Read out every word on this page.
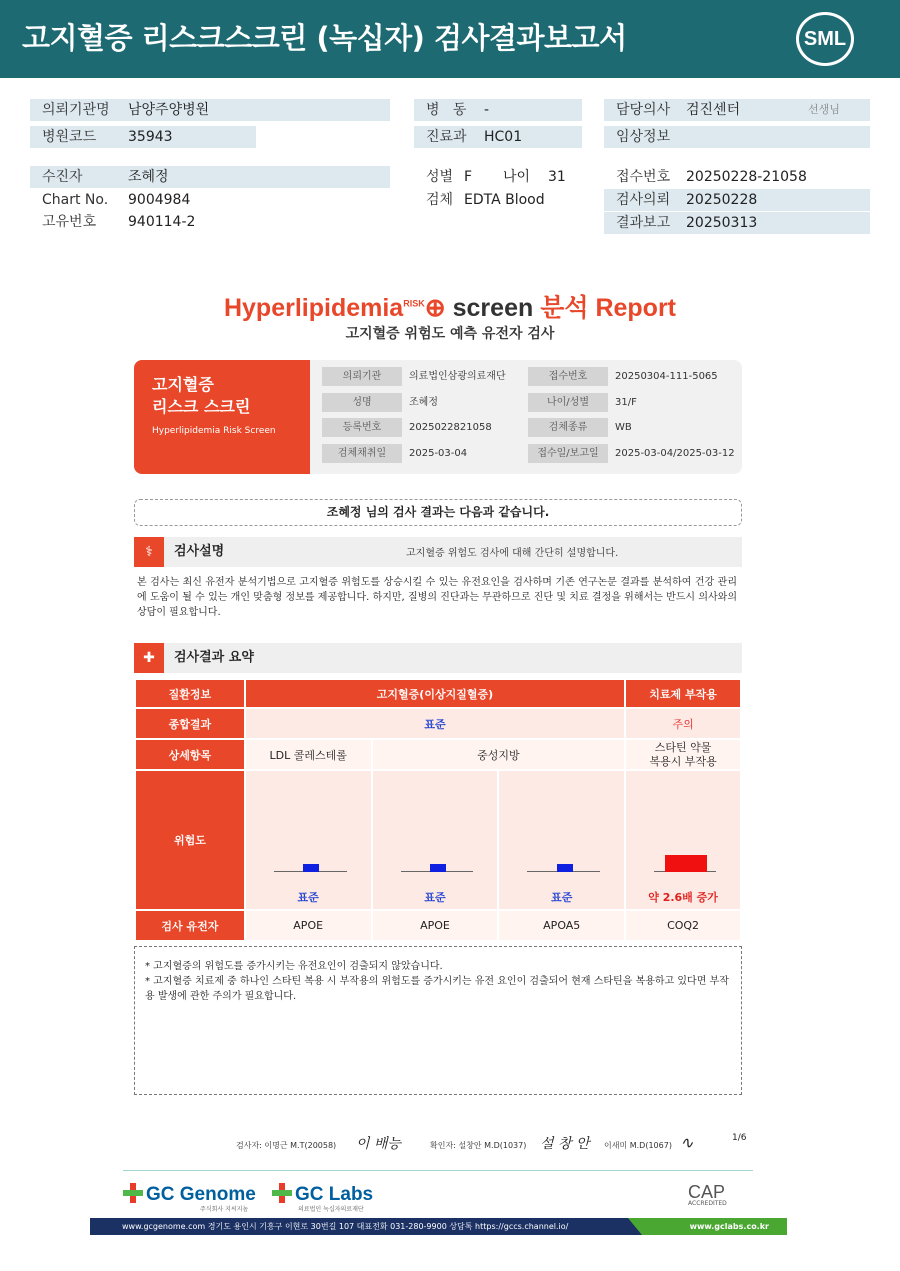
고지혈증 리스크스크린 (녹십자) 검사결과보고서	SML
의뢰기관명 남양주양병원
병원코드 35943
수진자	조혜정
Chart No. 9004984
고유번호 940114-2
병   동 -
진료과 HC01
성별 F 나이 31
검체 EDTA Blood
담당의사 검진센터	선생님
임상정보
접수번호 20250228-21058
검사의뢰 20250228
결과보고 20250313
Hyperlipidemia$^{RISK}$⊕ screen 분석 Report
고지혈증 위험도 예측 유전자 검사
고지혈증
리스크 스크린
Hyperlipidemia Risk Screen
의뢰기관	의료법인삼광의료재단	접수번호	20250304-111-5065
성명	조혜정	나이/성별	31/F
등록번호	2025022821058	검체종류	WB
검체채취일	2025-03-04	접수일/보고일	2025-03-04/2025-03-12
조혜정 님의 검사 결과는 다음과 같습니다.
⚕	검사설명	고지혈증 위험도 검사에 대해 간단히 설명합니다.
본 검사는 최신 유전자 분석기법으로 고지혈증 위험도를 상승시킬 수 있는 유전요인을 검사하며 기존 연구논문 결과를 분석하여 건강 관리에 도움이 될 수 있는 개인 맞춤형 정보를 제공합니다. 하지만, 질병의 진단과는 무관하므로 진단 및 치료 결정을 위해서는 반드시 의사와의 상담이 필요합니다.
✚	검사결과 요약
질환정보	고지혈증(이상지질혈증)			치료제 부작용
종합결과	표준			주의
상세항목	LDL 콜레스테롤	중성지방		스타틴 약물
복용시 부작용
위험도	표준	표준	표준	약 2.6배 증가

검사 유전자	APOE	APOE	APOA5	COQ2
* 고지혈증의 위험도를 증가시키는 유전요인이 검출되지 않았습니다.
* 고지혈증 치료제 중 하나인 스타틴 복용 시 부작용의 위험도를 증가시키는 유전 요인이 검출되어 현재 스타틴을 복용하고 있다면 부작용 발생에 관한 주의가 필요합니다.
검사자: 이명근 M.T(20058) 이 배능	확인자: 설창안 M.D(1037) 설 창 안 이새미 M.D(1067) ∿	1/6
GC Genome
주식회사 지씨지놈
GC Labs
의료법인 녹십자의료재단
CAP
ACCREDITED
www.gcgenome.com 경기도 용인시 기흥구 이현로 30번길 107 대표전화 031-280-9900 상담톡 https://gccs.channel.io/	www.gclabs.co.kr
